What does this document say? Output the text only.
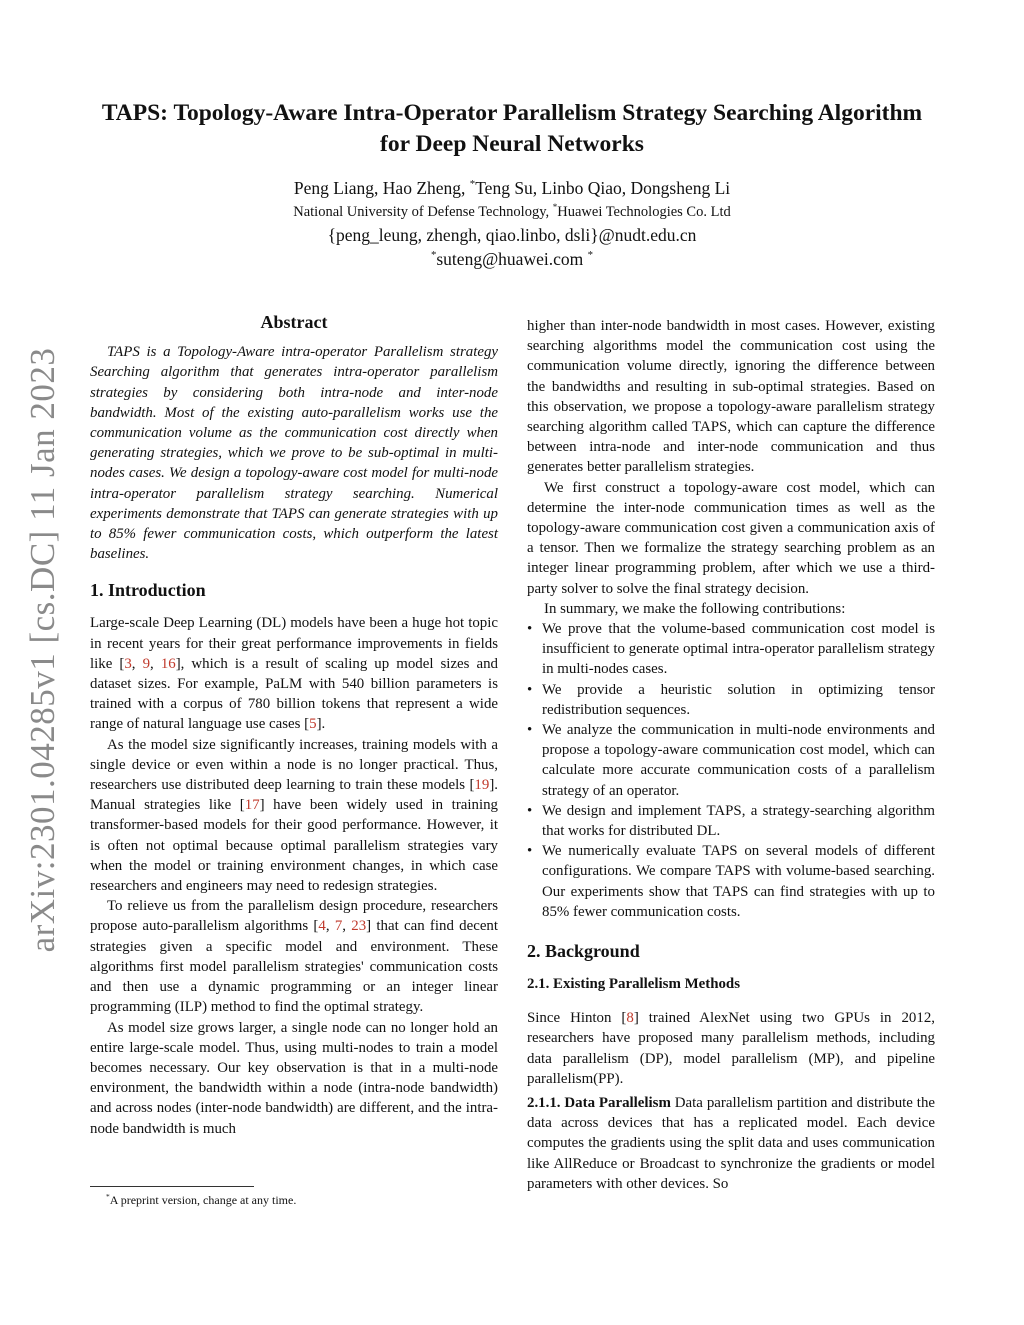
arXiv:2301.04285v1 [cs.DC] 11 Jan 2023
TAPS: Topology-Aware Intra-Operator Parallelism Strategy Searching Algorithm
for Deep Neural Networks
Peng Liang, Hao Zheng, *Teng Su, Linbo Qiao, Dongsheng Li
National University of Defense Technology, *Huawei Technologies Co. Ltd
{peng_leung, zhengh, qiao.linbo, dsli}@nudt.edu.cn
*suteng@huawei.com *
Abstract

TAPS is a Topology-Aware intra-operator Parallelism strategy Searching algorithm that generates intra-operator parallelism strategies by considering both intra-node and inter-node bandwidth. Most of the existing auto-parallelism works use the communication volume as the communication cost directly when generating strategies, which we prove to be sub-optimal in multi-nodes cases. We design a topology-aware cost model for multi-node intra-operator parallelism strategy searching. Numerical experiments demonstrate that TAPS can generate strategies with up to 85% fewer communication costs, which outperform the latest baselines.

1. Introduction

Large-scale Deep Learning (DL) models have been a huge hot topic in recent years for their great performance improvements in fields like [3, 9, 16], which is a result of scaling up model sizes and dataset sizes. For example, PaLM with 540 billion parameters is trained with a corpus of 780 billion tokens that represent a wide range of natural language use cases [5].

As the model size significantly increases, training models with a single device or even within a node is no longer practical. Thus, researchers use distributed deep learning to train these models [19]. Manual strategies like [17] have been widely used in training transformer-based models for their good performance. However, it is often not optimal because optimal parallelism strategies vary when the model or training environment changes, in which case researchers and engineers may need to redesign strategies.

To relieve us from the parallelism design procedure, researchers propose auto-parallelism algorithms [4, 7, 23] that can find decent strategies given a specific model and environment. These algorithms first model parallelism strategies' communication costs and then use a dynamic programming or an integer linear programming (ILP) method to find the optimal strategy.

As model size grows larger, a single node can no longer hold an entire large-scale model. Thus, using multi-nodes to train a model becomes necessary. Our key observation is that in a multi-node environment, the bandwidth within a node (intra-node bandwidth) and across nodes (inter-node bandwidth) are different, and the intra-node bandwidth is much

*A preprint version, change at any time.

higher than inter-node bandwidth in most cases. However, existing searching algorithms model the communication cost using the communication volume directly, ignoring the difference between the bandwidths and resulting in sub-optimal strategies. Based on this observation, we propose a topology-aware parallelism strategy searching algorithm called TAPS, which can capture the difference between intra-node and inter-node communication and thus generates better parallelism strategies.

We first construct a topology-aware cost model, which can determine the inter-node communication times as well as the topology-aware communication cost given a communication axis of a tensor. Then we formalize the strategy searching problem as an integer linear programming problem, after which we use a third-party solver to solve the final strategy decision.

In summary, we make the following contributions:

• We prove that the volume-based communication cost model is insufficient to generate optimal intra-operator parallelism strategy in multi-nodes cases.
• We provide a heuristic solution in optimizing tensor redistribution sequences.
• We analyze the communication in multi-node environments and propose a topology-aware communication cost model, which can calculate more accurate communication costs of a parallelism strategy of an operator.
• We design and implement TAPS, a strategy-searching algorithm that works for distributed DL.
• We numerically evaluate TAPS on several models of different configurations. We compare TAPS with volume-based searching. Our experiments show that TAPS can find strategies with up to 85% fewer communication costs.
2. Background
2.1. Existing Parallelism Methods

Since Hinton [8] trained AlexNet using two GPUs in 2012, researchers have proposed many parallelism methods, including data parallelism (DP), model parallelism (MP), and pipeline parallelism(PP).

2.1.1. Data Parallelism Data parallelism partition and distribute the data across devices that has a replicated model. Each device computes the gradients using the split data and uses communication like AllReduce or Broadcast to synchronize the gradients or model parameters with other devices. So
